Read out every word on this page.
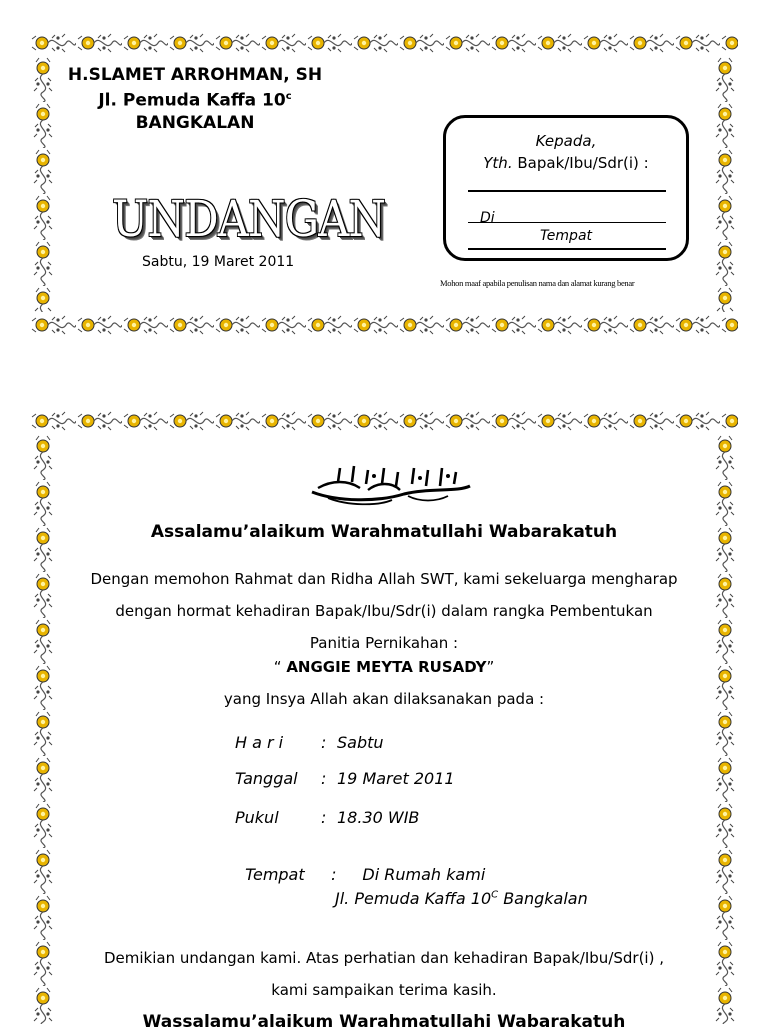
H.SLAMET ARROHMAN, SH
Jl. Pemuda Kaffa 10$^c$
BANGKALAN
UNDANGAN
Sabtu, 19 Maret 2011
Kepada,
Yth. Bapak/Ibu/Sdr(i) :
Di
Tempat
Mohon maaf apabila penulisan nama dan alamat kurang benar
Assalamu’alaikum Warahmatullahi Wabarakatuh
Dengan memohon Rahmat dan Ridha Allah SWT, kami sekeluarga mengharap
dengan hormat kehadiran Bapak/Ibu/Sdr(i) dalam rangka Pembentukan
Panitia Pernikahan :
“ ANGGIE MEYTA RUSADY”
yang Insya Allah akan dilaksanakan pada :
H a r i : Sabtu
Tanggal : 19 Maret 2011
Pukul	: 18.30 WIB

Tempat :   Di Rumah kami

Jl. Pemuda Kaffa $10^C$ Bangkalan
Demikian undangan kami. Atas perhatian dan kehadiran Bapak/Ibu/Sdr(i) ,
kami sampaikan terima kasih.
Wassalamu’alaikum Warahmatullahi Wabarakatuh
